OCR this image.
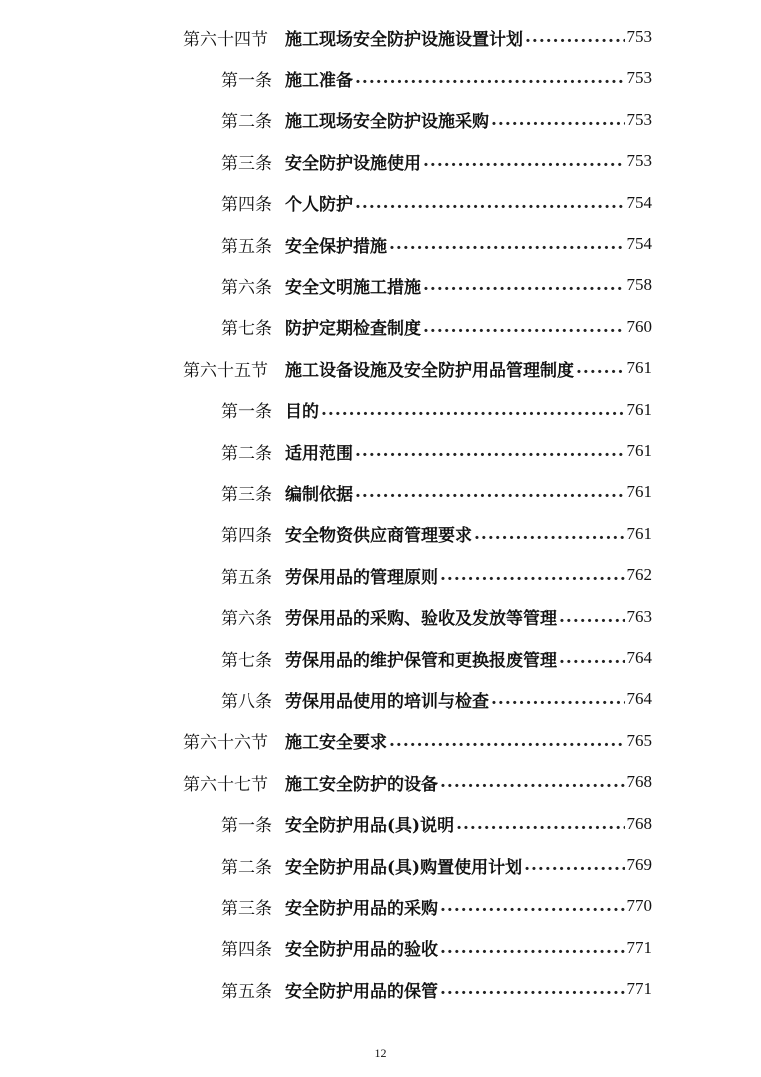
第六十四节	施工现场安全防护设施设置计划 .....	753
第一条 施工准备 .....	753
第二条 施工现场安全防护设施采购 .....	753
第三条 安全防护设施使用 .....	753
第四条 个人防护 .....	754
第五条 安全保护措施 .....	754
第六条 安全文明施工措施 .....	758
第七条 防护定期检查制度 .....	760
第六十五节	施工设备设施及安全防护用品管理制度 .....	761
第一条 目的 .....	761
第二条 适用范围 .....	761
第三条 编制依据 .....	761
第四条 安全物资供应商管理要求 .....	761
第五条 劳保用品的管理原则 .....	762
第六条 劳保用品的采购、验收及发放等管理 .....	763
第七条 劳保用品的维护保管和更换报废管理 .....	764
第八条 劳保用品使用的培训与检查 .....	764
第六十六节	施工安全要求 .....	765
第六十七节	施工安全防护的设备 .....	768
第一条 安全防护用品(具)说明 .....	768
第二条 安全防护用品(具)购置使用计划 .....	769
第三条 安全防护用品的采购 .....	770
第四条 安全防护用品的验收 .....	771
第五条 安全防护用品的保管 .....	771
12
